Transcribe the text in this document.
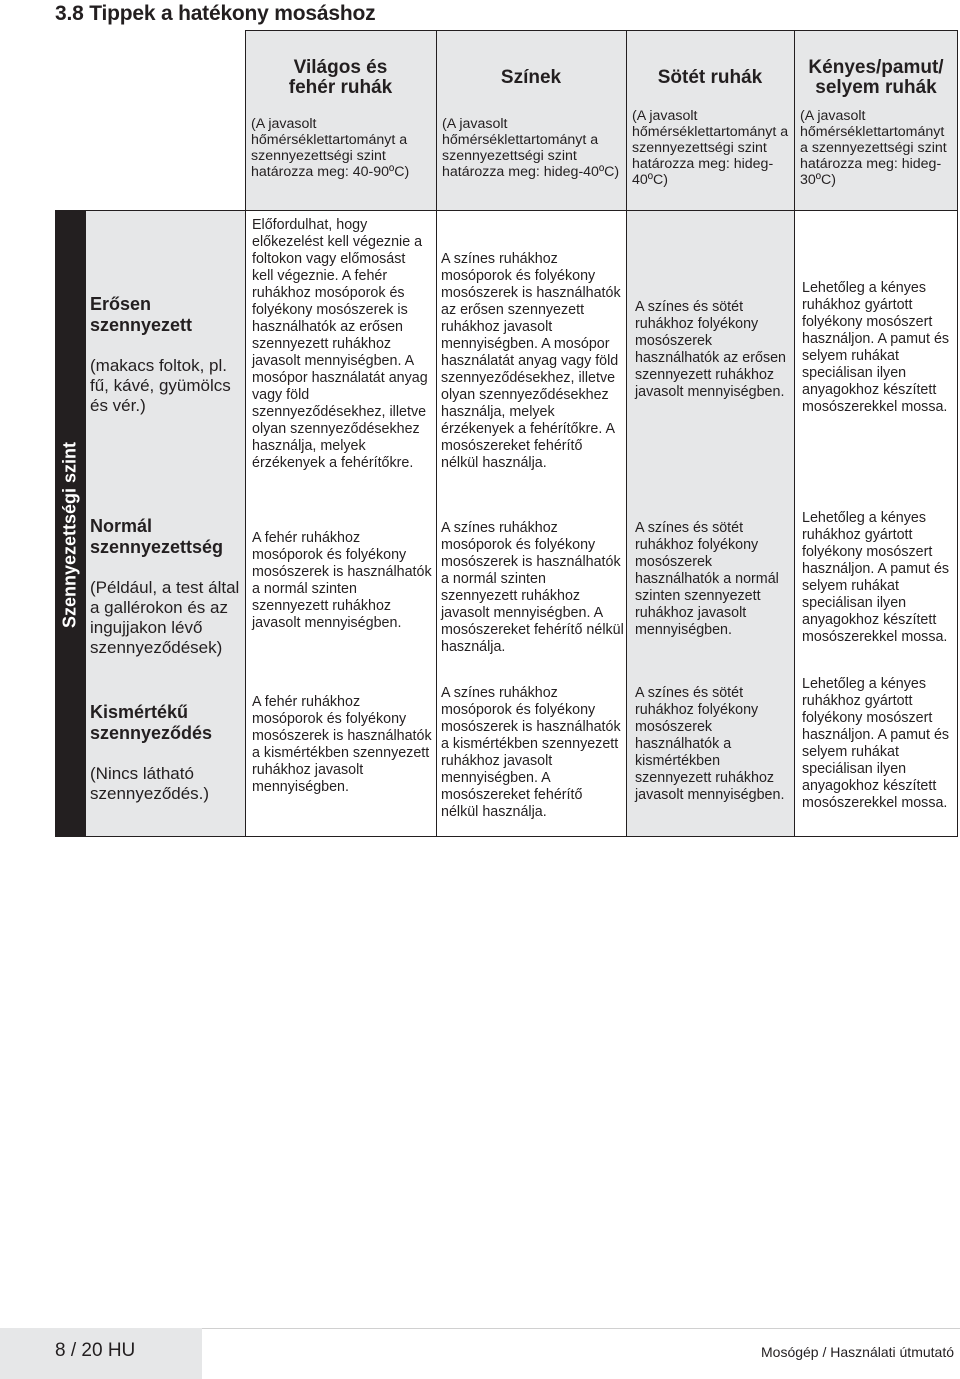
3.8 Tippek a hatékony mosáshoz
Világos és fehér ruhák
(A javasolt hőmérséklettartományt a szennyezettségi szint határozza meg: 40-90ºC)
Színek
(A javasolt hőmérséklettartományt a szennyezettségi szint határozza meg: hideg-40ºC)
Sötét ruhák
(A javasolt hőmérséklettartományt a szennyezettségi szint határozza meg: hideg-40ºC)
Kényes/pamut/ selyem ruhák
(A javasolt hőmérséklettartományt a szennyezettségi szint határozza meg: hideg-30ºC)
Szennyezettségi szint
Erősen szennyezett
(makacs foltok, pl. fű, kávé, gyümölcs és vér.)
Normál szennyezettség
(Például, a test által a gallérokon és az ingujjakon lévő szennyeződések)
Kismértékű szennyeződés
(Nincs látható szennyeződés.)
Előfordulhat, hogy előkezelést kell végeznie a foltokon vagy előmosást kell végeznie. A fehér ruhákhoz mosóporok és folyékony mosószerek is használhatók az erősen szennyezett ruhákhoz javasolt mennyiségben. A mosópor használatát anyag vagy föld szennyeződésekhez, illetve olyan szennyeződésekhez használja, melyek érzékenyek a fehérítőkre.
A színes ruhákhoz mosóporok és folyékony mosószerek is használhatók az erősen szennyezett ruhákhoz javasolt mennyiségben. A mosópor használatát anyag vagy föld szennyeződésekhez, illetve olyan szennyeződésekhez használja, melyek érzékenyek a fehérítőkre. A mosószereket fehérítő nélkül használja.
A színes és sötét ruhákhoz folyékony mosószerek használhatók az erősen szennyezett ruhákhoz javasolt mennyiségben.
Lehetőleg a kényes ruhákhoz gyártott folyékony mosószert használjon. A pamut és selyem ruhákat speciálisan ilyen anyagokhoz készített mosószerekkel mossa.
A fehér ruhákhoz mosóporok és folyékony mosószerek is használhatók a normál szinten szennyezett ruhákhoz javasolt mennyiségben.
A színes ruhákhoz mosóporok és folyékony mosószerek is használhatók a normál szinten szennyezett ruhákhoz javasolt mennyiségben. A mosószereket fehérítő nélkül használja.
A színes és sötét ruhákhoz folyékony mosószerek használhatók a normál szinten szennyezett ruhákhoz javasolt mennyiségben.
Lehetőleg a kényes ruhákhoz gyártott folyékony mosószert használjon. A pamut és selyem ruhákat speciálisan ilyen anyagokhoz készített mosószerekkel mossa.
A fehér ruhákhoz mosóporok és folyékony mosószerek is használhatók a kismértékben szennyezett ruhákhoz javasolt mennyiségben.
A színes ruhákhoz mosóporok és folyékony mosószerek is használhatók a kismértékben szennyezett ruhákhoz javasolt mennyiségben. A mosószereket fehérítő nélkül használja.
A színes és sötét ruhákhoz folyékony mosószerek használhatók a kismértékben szennyezett ruhákhoz javasolt mennyiségben.
Lehetőleg a kényes ruhákhoz gyártott folyékony mosószert használjon. A pamut és selyem ruhákat speciálisan ilyen anyagokhoz készített mosószerekkel mossa.
8 / 20 HU	Mosógép / Használati útmutató
